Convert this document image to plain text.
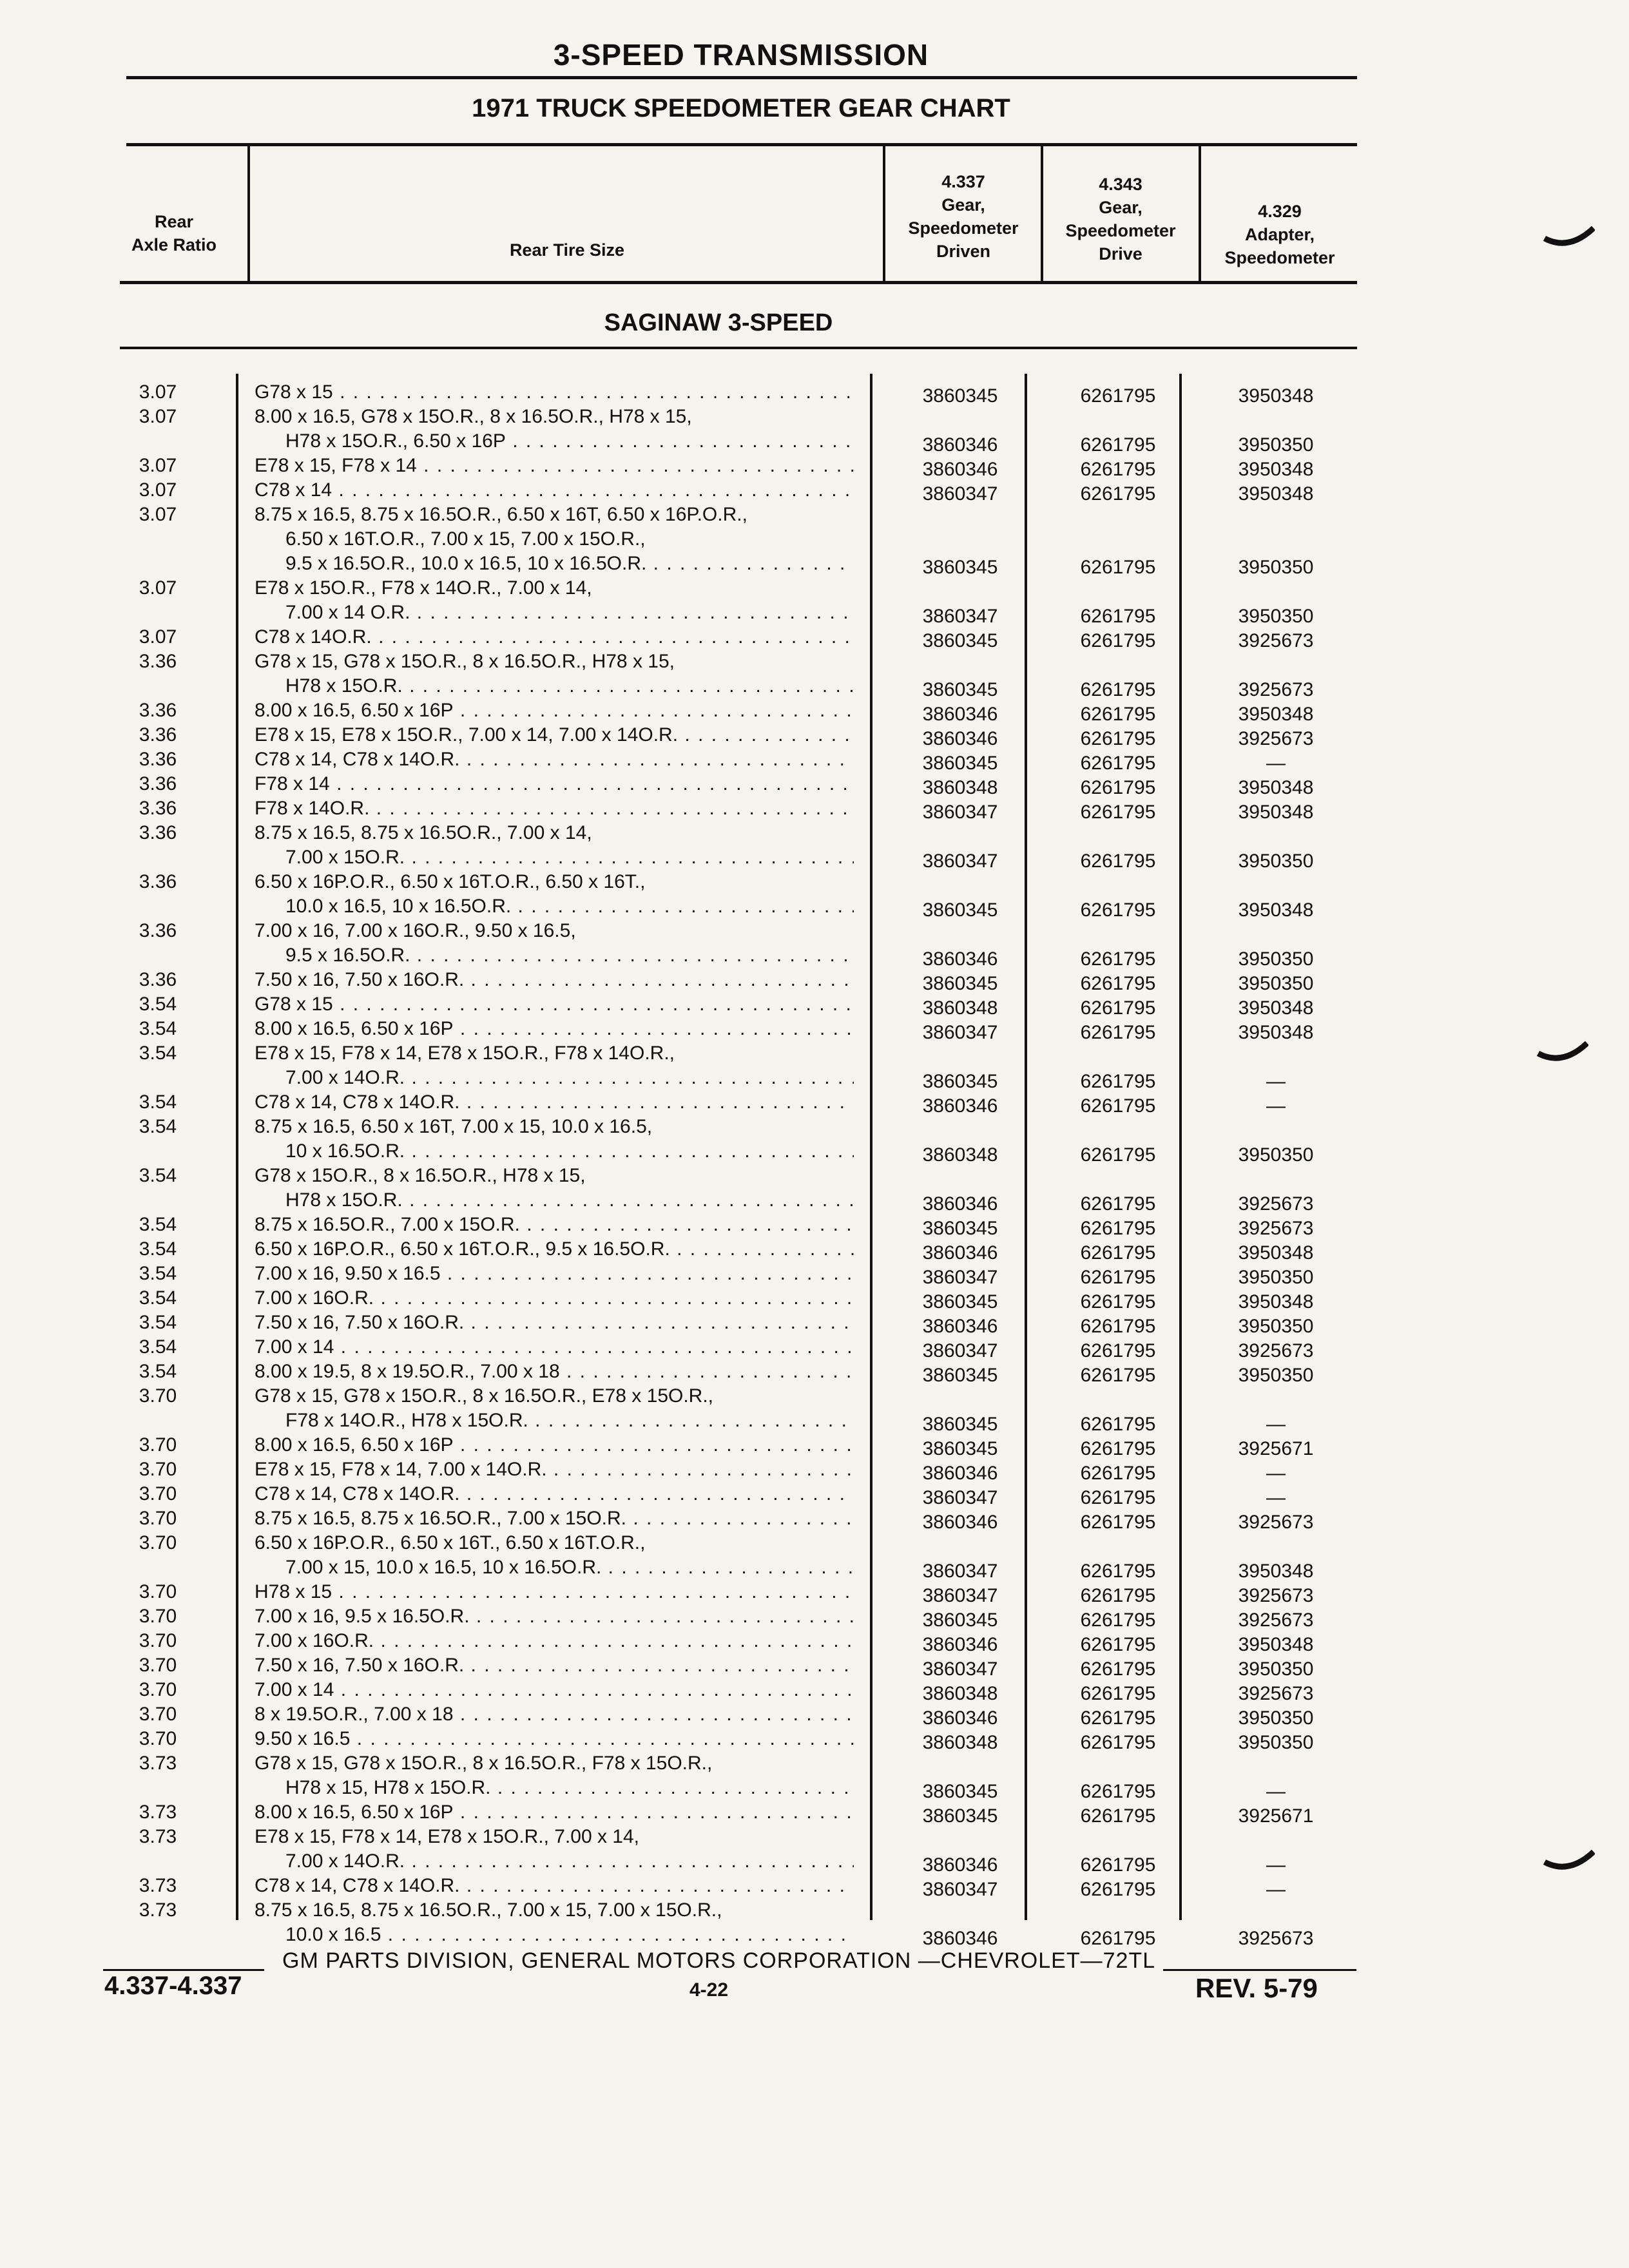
3-SPEED TRANSMISSION
1971 TRUCK SPEEDOMETER GEAR CHART
Rear
Axle Ratio	Rear Tire Size
4.337
Gear,
Speedometer
Driven
4.343
Gear,
Speedometer
Drive
4.329
Adapter,
Speedometer
SAGINAW 3-SPEED
3.07	G78 x 15 . . .	3860345	6261795	3950348
3.07	8.00 x 16.5, G78 x 15O.R., 8 x 16.5O.R., H78 x 15,
H78 x 15O.R., 6.50 x 16P . . .	3860346	6261795	3950350
3.07	E78 x 15, F78 x 14 . . .	3860346	6261795	3950348
3.07	C78 x 14 . . .	3860347	6261795	3950348
3.07	8.75 x 16.5, 8.75 x 16.5O.R., 6.50 x 16T, 6.50 x 16P.O.R.,
6.50 x 16T.O.R., 7.00 x 15, 7.00 x 15O.R.,
9.5 x 16.5O.R., 10.0 x 16.5, 10 x 16.5O.R. . . .	3860345	6261795	3950350
3.07	E78 x 15O.R., F78 x 14O.R., 7.00 x 14,
7.00 x 14 O.R. . . .	3860347	6261795	3950350
3.07	C78 x 14O.R. . . .	3860345	6261795	3925673
3.36	G78 x 15, G78 x 15O.R., 8 x 16.5O.R., H78 x 15,
H78 x 15O.R. . . .	3860345	6261795	3925673
3.36	8.00 x 16.5, 6.50 x 16P . . .	3860346	6261795	3950348
3.36	E78 x 15, E78 x 15O.R., 7.00 x 14, 7.00 x 14O.R. . . .	3860346	6261795	3925673
3.36	C78 x 14, C78 x 14O.R. . . .	3860345	6261795	—
3.36	F78 x 14 . . .	3860348	6261795	3950348
3.36	F78 x 14O.R. . . .	3860347	6261795	3950348
3.36	8.75 x 16.5, 8.75 x 16.5O.R., 7.00 x 14,
7.00 x 15O.R. . . .	3860347	6261795	3950350
3.36	6.50 x 16P.O.R., 6.50 x 16T.O.R., 6.50 x 16T.,
10.0 x 16.5, 10 x 16.5O.R. . . .	3860345	6261795	3950348
3.36	7.00 x 16, 7.00 x 16O.R., 9.50 x 16.5,
9.5 x 16.5O.R. . . .	3860346	6261795	3950350
3.36	7.50 x 16, 7.50 x 16O.R. . . .	3860345	6261795	3950350
3.54	G78 x 15 . . .	3860348	6261795	3950348
3.54	8.00 x 16.5, 6.50 x 16P . . .	3860347	6261795	3950348
3.54	E78 x 15, F78 x 14, E78 x 15O.R., F78 x 14O.R.,
7.00 x 14O.R. . . .	3860345	6261795	—
3.54	C78 x 14, C78 x 14O.R. . . .	3860346	6261795	—
3.54	8.75 x 16.5, 6.50 x 16T, 7.00 x 15, 10.0 x 16.5,
10 x 16.5O.R. . . .	3860348	6261795	3950350
3.54	G78 x 15O.R., 8 x 16.5O.R., H78 x 15,
H78 x 15O.R. . . .	3860346	6261795	3925673
3.54	8.75 x 16.5O.R., 7.00 x 15O.R. . . .	3860345	6261795	3925673
3.54	6.50 x 16P.O.R., 6.50 x 16T.O.R., 9.5 x 16.5O.R. . . .	3860346	6261795	3950348
3.54	7.00 x 16, 9.50 x 16.5 . . .	3860347	6261795	3950350
3.54	7.00 x 16O.R. . . .	3860345	6261795	3950348
3.54	7.50 x 16, 7.50 x 16O.R. . . .	3860346	6261795	3950350
3.54	7.00 x 14 . . .	3860347	6261795	3925673
3.54	8.00 x 19.5, 8 x 19.5O.R., 7.00 x 18 . . .	3860345	6261795	3950350
3.70	G78 x 15, G78 x 15O.R., 8 x 16.5O.R., E78 x 15O.R.,
F78 x 14O.R., H78 x 15O.R. . . .	3860345	6261795	—
3.70	8.00 x 16.5, 6.50 x 16P . . .	3860345	6261795	3925671
3.70	E78 x 15, F78 x 14, 7.00 x 14O.R. . . .	3860346	6261795	—
3.70	C78 x 14, C78 x 14O.R. . . .	3860347	6261795	—
3.70	8.75 x 16.5, 8.75 x 16.5O.R., 7.00 x 15O.R. . . .	3860346	6261795	3925673
3.70	6.50 x 16P.O.R., 6.50 x 16T., 6.50 x 16T.O.R.,
7.00 x 15, 10.0 x 16.5, 10 x 16.5O.R. . . .	3860347	6261795	3950348
3.70	H78 x 15 . . .	3860347	6261795	3925673
3.70	7.00 x 16, 9.5 x 16.5O.R. . . .	3860345	6261795	3925673
3.70	7.00 x 16O.R. . . .	3860346	6261795	3950348
3.70	7.50 x 16, 7.50 x 16O.R. . . .	3860347	6261795	3950350
3.70	7.00 x 14 . . .	3860348	6261795	3925673
3.70	8 x 19.5O.R., 7.00 x 18 . . .	3860346	6261795	3950350
3.70	9.50 x 16.5 . . .	3860348	6261795	3950350
3.73	G78 x 15, G78 x 15O.R., 8 x 16.5O.R., F78 x 15O.R.,
H78 x 15, H78 x 15O.R. . . .	3860345	6261795	—
3.73	8.00 x 16.5, 6.50 x 16P . . .	3860345	6261795	3925671
3.73	E78 x 15, F78 x 14, E78 x 15O.R., 7.00 x 14,
7.00 x 14O.R. . . .	3860346	6261795	—
3.73	C78 x 14, C78 x 14O.R. . . .	3860347	6261795	—
3.73	8.75 x 16.5, 8.75 x 16.5O.R., 7.00 x 15, 7.00 x 15O.R.,
10.0 x 16.5 . . .	3860346	6261795	3925673
GM PARTS DIVISION, GENERAL MOTORS CORPORATION —CHEVROLET—72TL
4.337-4.337	4-22	REV. 5-79
